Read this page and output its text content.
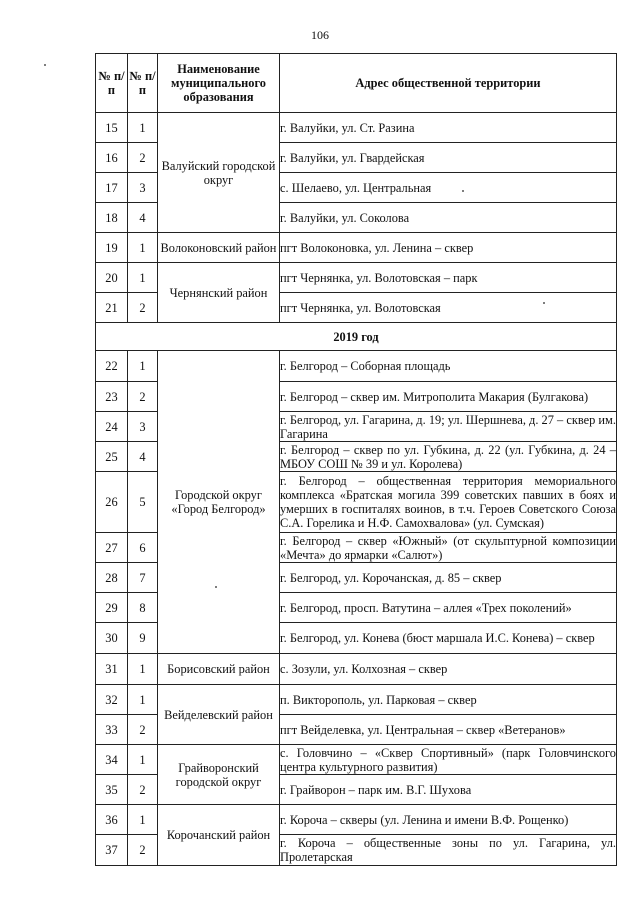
106
№ п/п	№ п/п	Наименование муниципального образования	Адрес общественной территории
15	1	Валуйский городской округ	г. Валуйки, ул. Ст. Разина
16	2		г. Валуйки, ул. Гвардейская
17	3		с. Шелаево, ул. Центральная
18	4		г. Валуйки, ул. Соколова
19	1	Волоконовский район	пгт Волоконовка, ул. Ленина – сквер
20	1	Чернянский район	пгт Чернянка, ул. Волотовская – парк
21	2		пгт Чернянка, ул. Волотовская
2019 год			
22	1	Городской округ «Город Белгород»	г. Белгород – Соборная площадь
23	2		г. Белгород – сквер им. Митрополита Макария (Булгакова)
24	3		г. Белгород, ул. Гагарина, д. 19; ул. Шершнева, д. 27 – сквер им. Гагарина
25	4		г. Белгород – сквер по ул. Губкина, д. 22 (ул. Губкина, д. 24 – МБОУ СОШ № 39 и ул. Королева)
26	5		г. Белгород – общественная территория мемориального комплекса «Братская могила 399 советских павших в боях и умерших в госпиталях воинов, в т.ч. Героев Советского Союза С.А. Горелика и Н.Ф. Самохвалова» (ул. Сумская)
27	6		г. Белгород – сквер «Южный» (от скульптурной композиции «Мечта» до ярмарки «Салют»)
28	7		г. Белгород, ул. Корочанская, д. 85 – сквер
29	8		г. Белгород, просп. Ватутина – аллея «Трех поколений»
30	9		г. Белгород, ул. Конева (бюст маршала И.С. Конева) – сквер
31	1	Борисовский район	с. Зозули, ул. Колхозная – сквер
32	1	Вейделевский район	п. Викторополь, ул. Парковая – сквер
33	2		пгт Вейделевка, ул. Центральная – сквер «Ветеранов»
34	1	Грайворонский городской округ	с. Головчино – «Сквер Спортивный» (парк Головчинского центра культурного развития)
35	2		г. Грайворон – парк им. В.Г. Шухова
36	1	Корочанский район	г. Короча – скверы (ул. Ленина и имени В.Ф. Рощенко)
37	2		г. Короча – общественные зоны по ул. Гагарина, ул. Пролетарская
